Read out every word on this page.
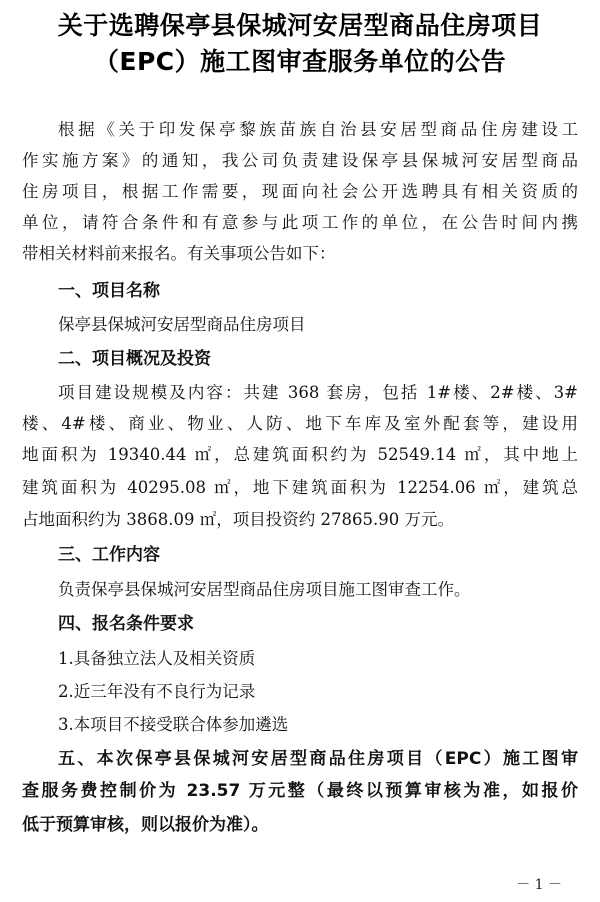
关于选聘保亭县保城河安居型商品住房项目
（EPC）施工图审查服务单位的公告
根据《关于印发保亭黎族苗族自治县安居型商品住房建设工
作实施方案》的通知，我公司负责建设保亭县保城河安居型商品
住房项目，根据工作需要，现面向社会公开选聘具有相关资质的
单位，请符合条件和有意参与此项工作的单位，在公告时间内携
带相关材料前来报名。有关事项公告如下：
一、项目名称
保亭县保城河安居型商品住房项目
二、项目概况及投资
项目建设规模及内容：共建 368 套房，包括 1#楼、2#楼、3#
楼、4#楼、商业、物业、人防、地下车库及室外配套等，建设用
地面积为 19340.44 ㎡，总建筑面积约为 52549.14 ㎡，其中地上
建筑面积为 40295.08 ㎡，地下建筑面积为 12254.06 ㎡，建筑总
占地面积约为 3868.09 ㎡，项目投资约 27865.90 万元。
三、工作内容
负责保亭县保城河安居型商品住房项目施工图审查工作。
四、报名条件要求
1.具备独立法人及相关资质
2.近三年没有不良行为记录
3.本项目不接受联合体参加遴选
五、本次保亭县保城河安居型商品住房项目（EPC）施工图审
查服务费控制价为 23.57 万元整（最终以预算审核为准，如报价
低于预算审核，则以报价为准）。
－ 1 －
